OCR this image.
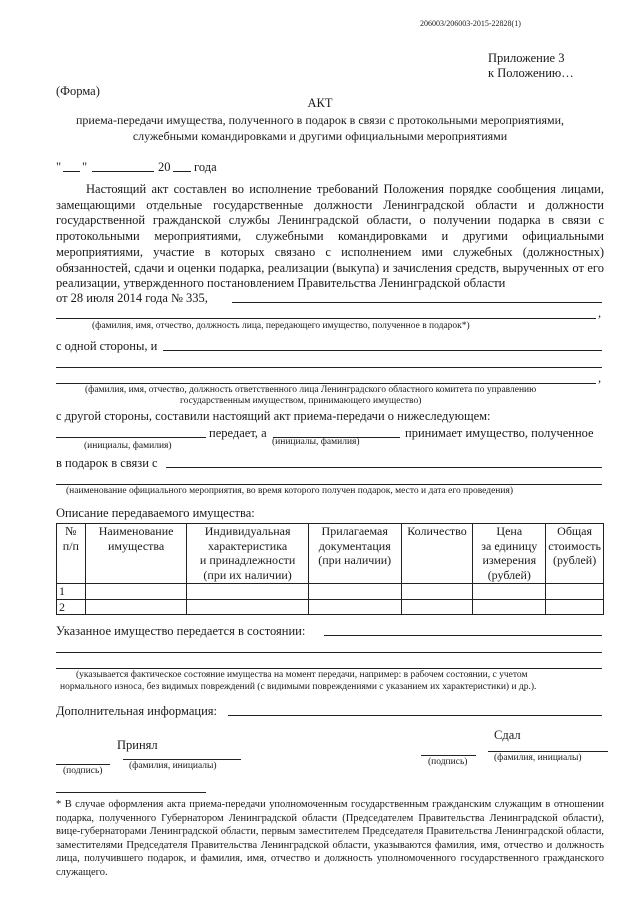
206003/206003-2015-22828(1)
Приложение 3
к Положению…
(Форма)
АКТ
приема-передачи имущества, полученного в подарок в связи с протокольными мероприятиями,
служебными командировками и другими официальными мероприятиями
" "	20 года
Настоящий акт составлен во исполнение требований Положения порядке сообщения лицами, замещающими отдельные государственные должности Ленинградской области и должности государственной гражданской службы Ленинградской области, о получении подарка в связи с протокольными мероприятиями, служебными командировками и другими официальными мероприятиями, участие в которых связано с исполнением ими служебных (должностных) обязанностей, сдачи и оценки подарка, реализации (выкупа) и зачисления средств, вырученных от его реализации, утвержденного постановлением Правительства Ленинградской области
от 28 июля 2014 года № 335,
,
(фамилия, имя, отчество, должность лица, передающего имущество, полученное в подарок*)
с одной стороны, и
,
(фамилия, имя, отчество, должность ответственного лица Ленинградского областного комитета по управлению
государственным имуществом, принимающего имущество)
с другой стороны, составили настоящий акт приема-передачи о нижеследующем:
передает, а	принимает имущество, полученное
(инициалы, фамилия)	(инициалы, фамилия)
в подарок в связи с
(наименование официального мероприятия, во время которого получен подарок, место и дата его проведения)
Описание передаваемого имущества:
№
п/п	Наименование
имущества	Индивидуальная
характеристика
и принадлежности
(при их наличии)	Прилагаемая
документация
(при наличии)	Количество	Цена
за единицу
измерения
(рублей)	Общая
стоимость
(рублей)
1						
2						
Указанное имущество передается в состоянии:
(указывается фактическое состояние имущества на момент передачи, например: в рабочем состоянии, с учетом
нормального износа, без видимых повреждений (с видимыми повреждениями с указанием их характеристики) и др.).
Дополнительная информация:
Принял
Сдал
(подпись)	(фамилия, инициалы)	(подпись)	(фамилия, инициалы)
* В случае оформления акта приема-передачи уполномоченным государственным гражданским служащим в отношении подарка, полученного Губернатором Ленинградской области (Председателем Правительства Ленинградской области), вице-губернаторами Ленинградской области, первым заместителем Председателя Правительства Ленинградской области, заместителями Председателя Правительства Ленинградской области, указываются фамилия, имя, отчество и должность лица, получившего подарок, и фамилия, имя, отчество и должность уполномоченного государственного гражданского служащего.
